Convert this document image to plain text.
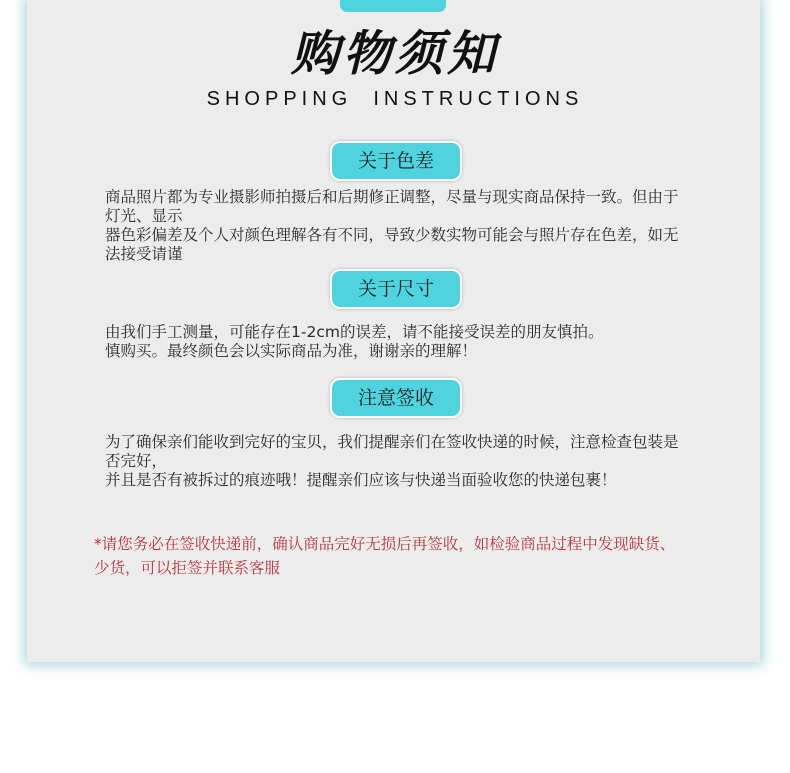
购物须知
SHOPPING  INSTRUCTIONS
关于色差
商品照片都为专业摄影师拍摄后和后期修正调整，尽量与现实商品保持一致。但由于
灯光、显示
器色彩偏差及个人对颜色理解各有不同，导致少数实物可能会与照片存在色差，如无
法接受请谨
关于尺寸
由我们手工测量，可能存在1-2cm的误差，请不能接受误差的朋友慎拍。
慎购买。最终颜色会以实际商品为准，谢谢亲的理解！
注意签收
为了确保亲们能收到完好的宝贝，我们提醒亲们在签收快递的时候，注意检查包装是
否完好，
并且是否有被拆过的痕迹哦！提醒亲们应该与快递当面验收您的快递包裹！
*请您务必在签收快递前，确认商品完好无损后再签收，如检验商品过程中发现缺货、
少货，可以拒签并联系客服
